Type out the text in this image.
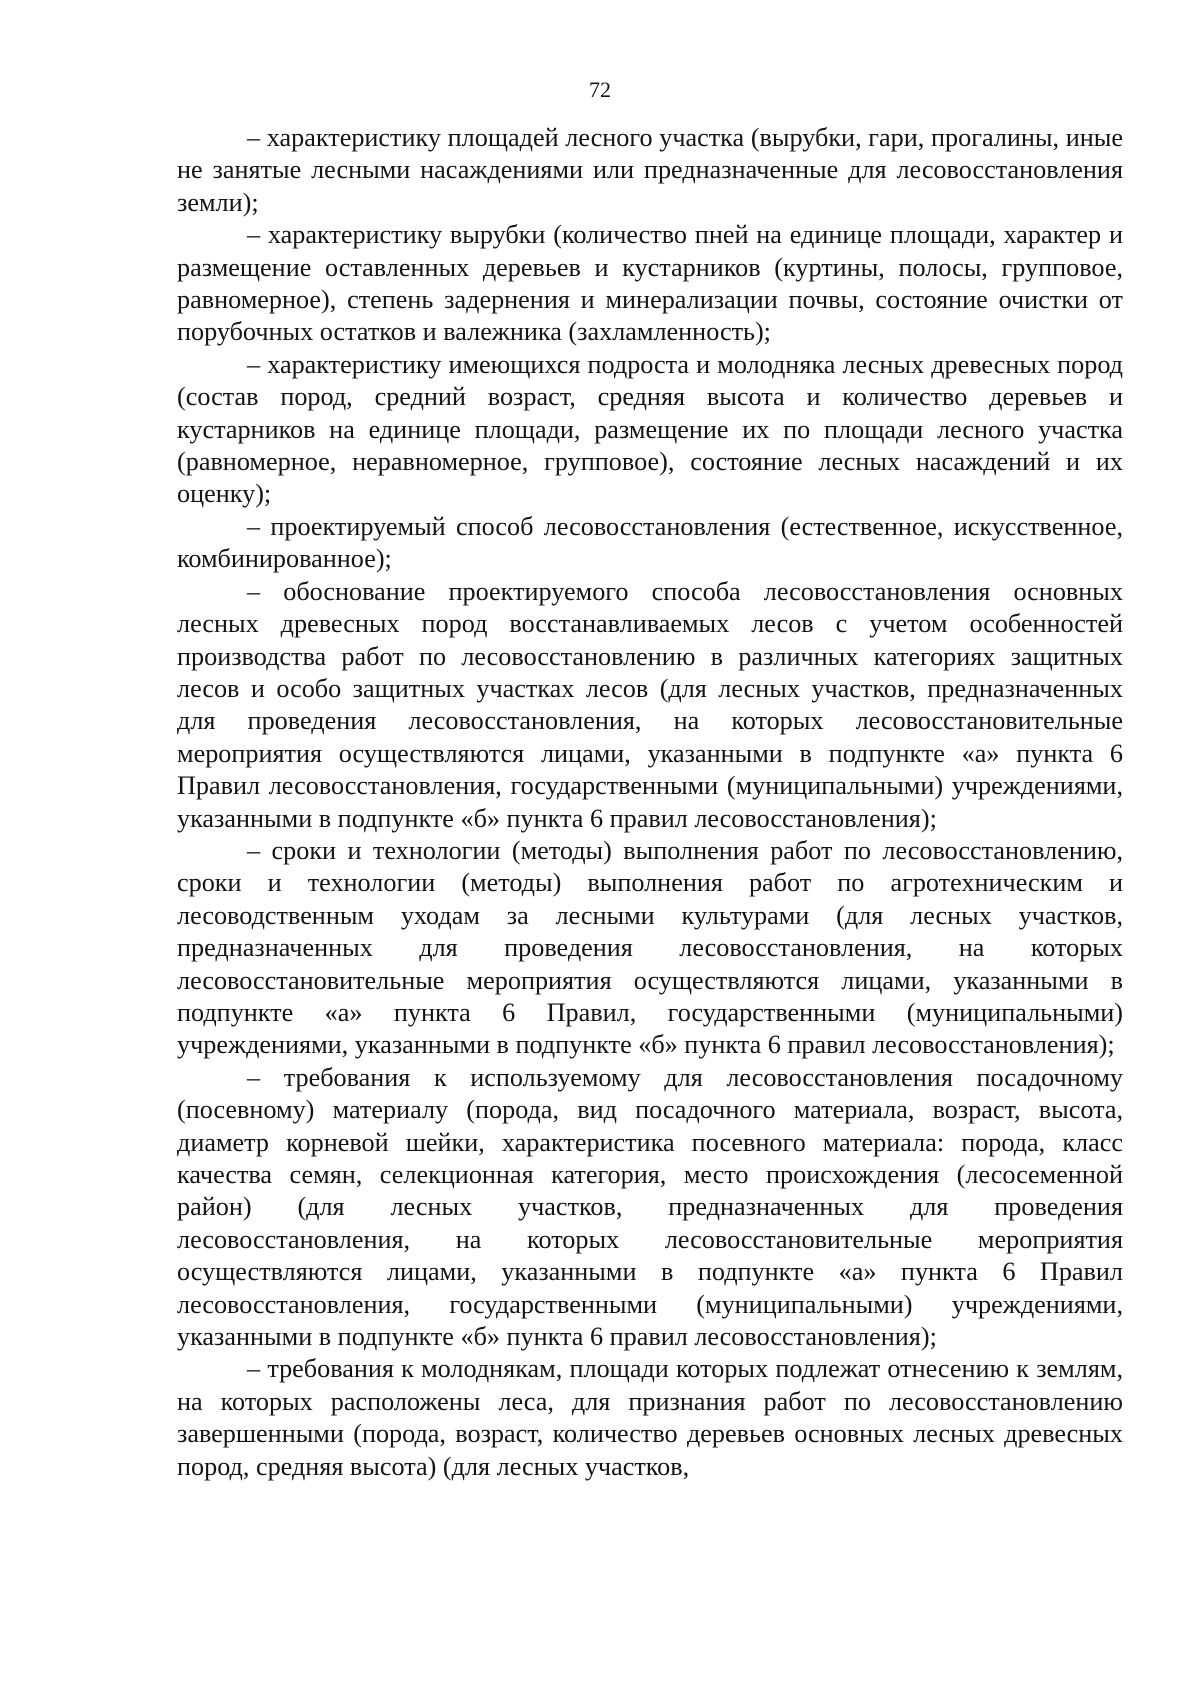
72

– характеристику площадей лесного участка (вырубки, гари, прогалины, иные не занятые лесными насаждениями или предназначенные для лесовосстановления земли);

– характеристику вырубки (количество пней на единице площади, характер и размещение оставленных деревьев и кустарников (куртины, полосы, групповое, равномерное), степень задернения и минерализации почвы, состояние очистки от порубочных остатков и валежника (захламленность);

– характеристику имеющихся подроста и молодняка лесных древесных пород (состав пород, средний возраст, средняя высота и количество деревьев и кустарников на единице площади, размещение их по площади лесного участка (равномерное, неравномерное, групповое), состояние лесных насаждений и их оценку);

– проектируемый способ лесовосстановления (естественное, искусственное, комбинированное);

– обоснование проектируемого способа лесовосстановления основных лесных древесных пород восстанавливаемых лесов с учетом особенностей производства работ по лесовосстановлению в различных категориях защитных лесов и особо защитных участках лесов (для лесных участков, предназначенных для проведения лесовосстановления, на которых лесовосстановительные мероприятия осуществляются лицами, указанными в подпункте «а» пункта 6 Правил лесовосстановления, государственными (муниципальными) учреждениями, указанными в подпункте «б» пункта 6 правил лесовосстановления);

– сроки и технологии (методы) выполнения работ по лесовосстановлению, сроки и технологии (методы) выполнения работ по агротехническим и лесоводственным уходам за лесными культурами (для лесных участков, предназначенных для проведения лесовосстановления, на которых лесовосстановительные мероприятия осуществляются лицами, указанными в подпункте «а» пункта 6 Правил, государственными (муниципальными) учреждениями, указанными в подпункте «б» пункта 6 правил лесовосстановления);

– требования к используемому для лесовосстановления посадочному (посевному) материалу (порода, вид посадочного материала, возраст, высота, диаметр корневой шейки, характеристика посевного материала: порода, класс качества семян, селекционная категория, место происхождения (лесосеменной район) (для лесных участков, предназначенных для проведения лесовосстановления, на которых лесовосстановительные мероприятия осуществляются лицами, указанными в подпункте «а» пункта 6 Правил лесовосстановления, государственными (муниципальными) учреждениями, указанными в подпункте «б» пункта 6 правил лесовосстановления);

– требования к молоднякам, площади которых подлежат отнесению к землям, на которых расположены леса, для признания работ по лесовосстановлению завершенными (порода, возраст, количество деревьев основных лесных древесных пород, средняя высота) (для лесных участков,
